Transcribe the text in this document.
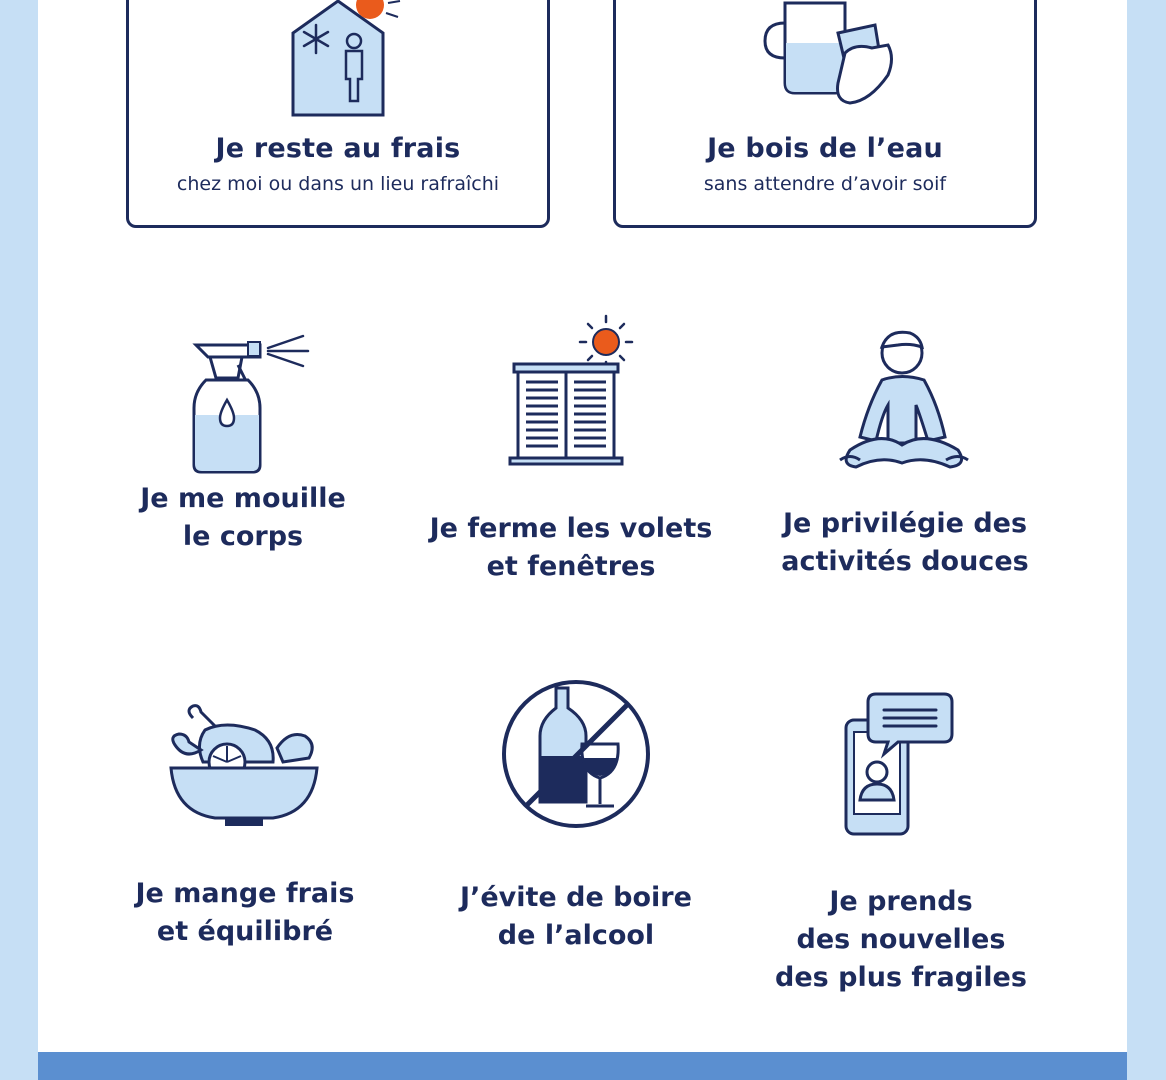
Je reste au frais
chez moi ou dans un lieu rafraîchi
Je bois de l’eau
sans attendre d’avoir soif
Je me mouille
le corps	Je ferme les volets
et fenêtres
Je privilégie des
activités douces
Je mange frais
et équilibré
J’évite de boire
de l’alcool
Je prends
des nouvelles
des plus fragiles
